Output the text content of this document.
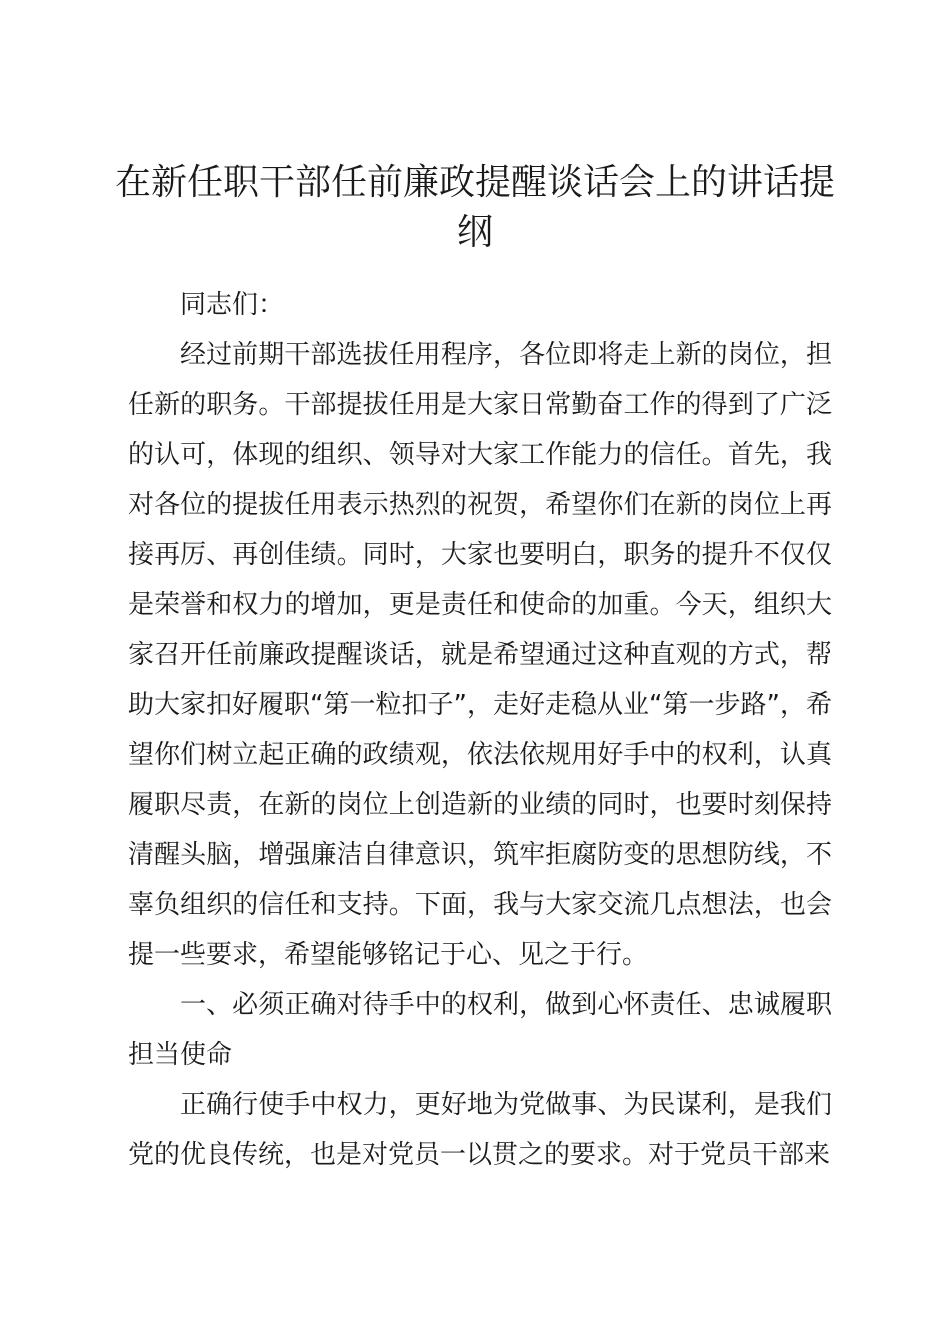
在新任职干部任前廉政提醒谈话会上的讲话提纲
同志们：
经过前期干部选拔任用程序，各位即将走上新的岗位，担任新的职务。干部提拔任用是大家日常勤奋工作的得到了广泛的认可，体现的组织、领导对大家工作能力的信任。首先，我对各位的提拔任用表示热烈的祝贺，希望你们在新的岗位上再接再厉、再创佳绩。同时，大家也要明白，职务的提升不仅仅是荣誉和权力的增加，更是责任和使命的加重。今天，组织大家召开任前廉政提醒谈话，就是希望通过这种直观的方式，帮助大家扣好履职“第一粒扣子”，走好走稳从业“第一步路”，希望你们树立起正确的政绩观，依法依规用好手中的权利，认真履职尽责，在新的岗位上创造新的业绩的同时，也要时刻保持清醒头脑，增强廉洁自律意识，筑牢拒腐防变的思想防线，不辜负组织的信任和支持。下面，我与大家交流几点想法，也会提一些要求，希望能够铭记于心、见之于行。
一、必须正确对待手中的权利，做到心怀责任、忠诚履职担当使命
正确行使手中权力，更好地为党做事、为民谋利，是我们党的优良传统，也是对党员一以贯之的要求。对于党员干部来
